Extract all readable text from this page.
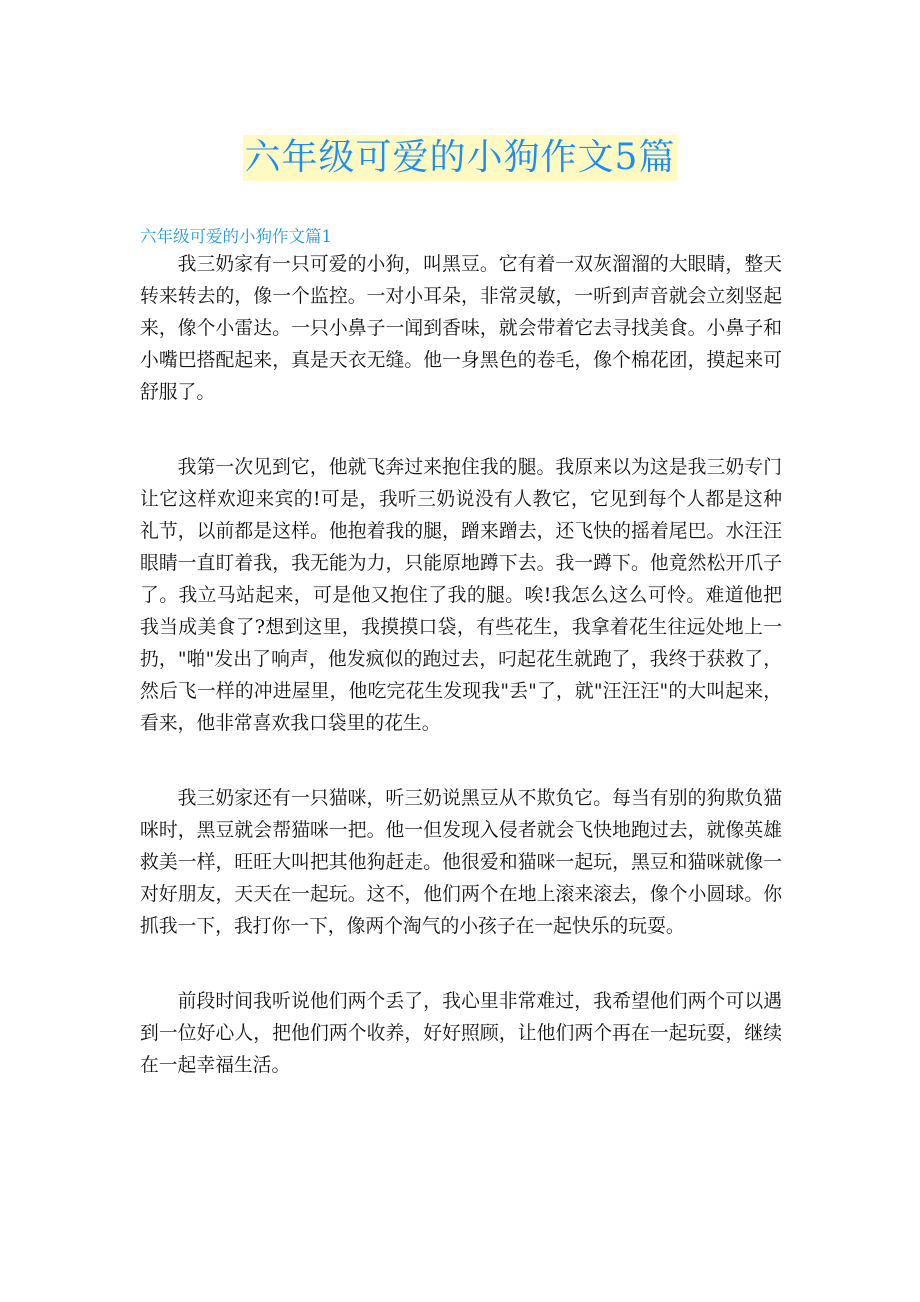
六年级可爱的小狗作文5篇
六年级可爱的小狗作文篇1

我三奶家有一只可爱的小狗，叫黑豆。它有着一双灰溜溜的大眼睛，整天转来转去的，像一个监控。一对小耳朵，非常灵敏，一听到声音就会立刻竖起来，像个小雷达。一只小鼻子一闻到香味，就会带着它去寻找美食。小鼻子和小嘴巴搭配起来，真是天衣无缝。他一身黑色的卷毛，像个棉花团，摸起来可舒服了。

我第一次见到它，他就飞奔过来抱住我的腿。我原来以为这是我三奶专门让它这样欢迎来宾的!可是，我听三奶说没有人教它，它见到每个人都是这种礼节，以前都是这样。他抱着我的腿，蹭来蹭去，还飞快的摇着尾巴。水汪汪眼睛一直盯着我，我无能为力，只能原地蹲下去。我一蹲下。他竟然松开爪子了。我立马站起来，可是他又抱住了我的腿。唉!我怎么这么可怜。难道他把我当成美食了?想到这里，我摸摸口袋，有些花生，我拿着花生往远处地上一扔，"啪"发出了响声，他发疯似的跑过去，叼起花生就跑了，我终于获救了，然后飞一样的冲进屋里，他吃完花生发现我"丢"了，就"汪汪汪"的大叫起来，看来，他非常喜欢我口袋里的花生。

我三奶家还有一只猫咪，听三奶说黑豆从不欺负它。每当有别的狗欺负猫咪时，黑豆就会帮猫咪一把。他一但发现入侵者就会飞快地跑过去，就像英雄救美一样，旺旺大叫把其他狗赶走。他很爱和猫咪一起玩，黑豆和猫咪就像一对好朋友，天天在一起玩。这不，他们两个在地上滚来滚去，像个小圆球。你抓我一下，我打你一下，像两个淘气的小孩子在一起快乐的玩耍。

前段时间我听说他们两个丢了，我心里非常难过，我希望他们两个可以遇到一位好心人，把他们两个收养，好好照顾，让他们两个再在一起玩耍，继续在一起幸福生活。
